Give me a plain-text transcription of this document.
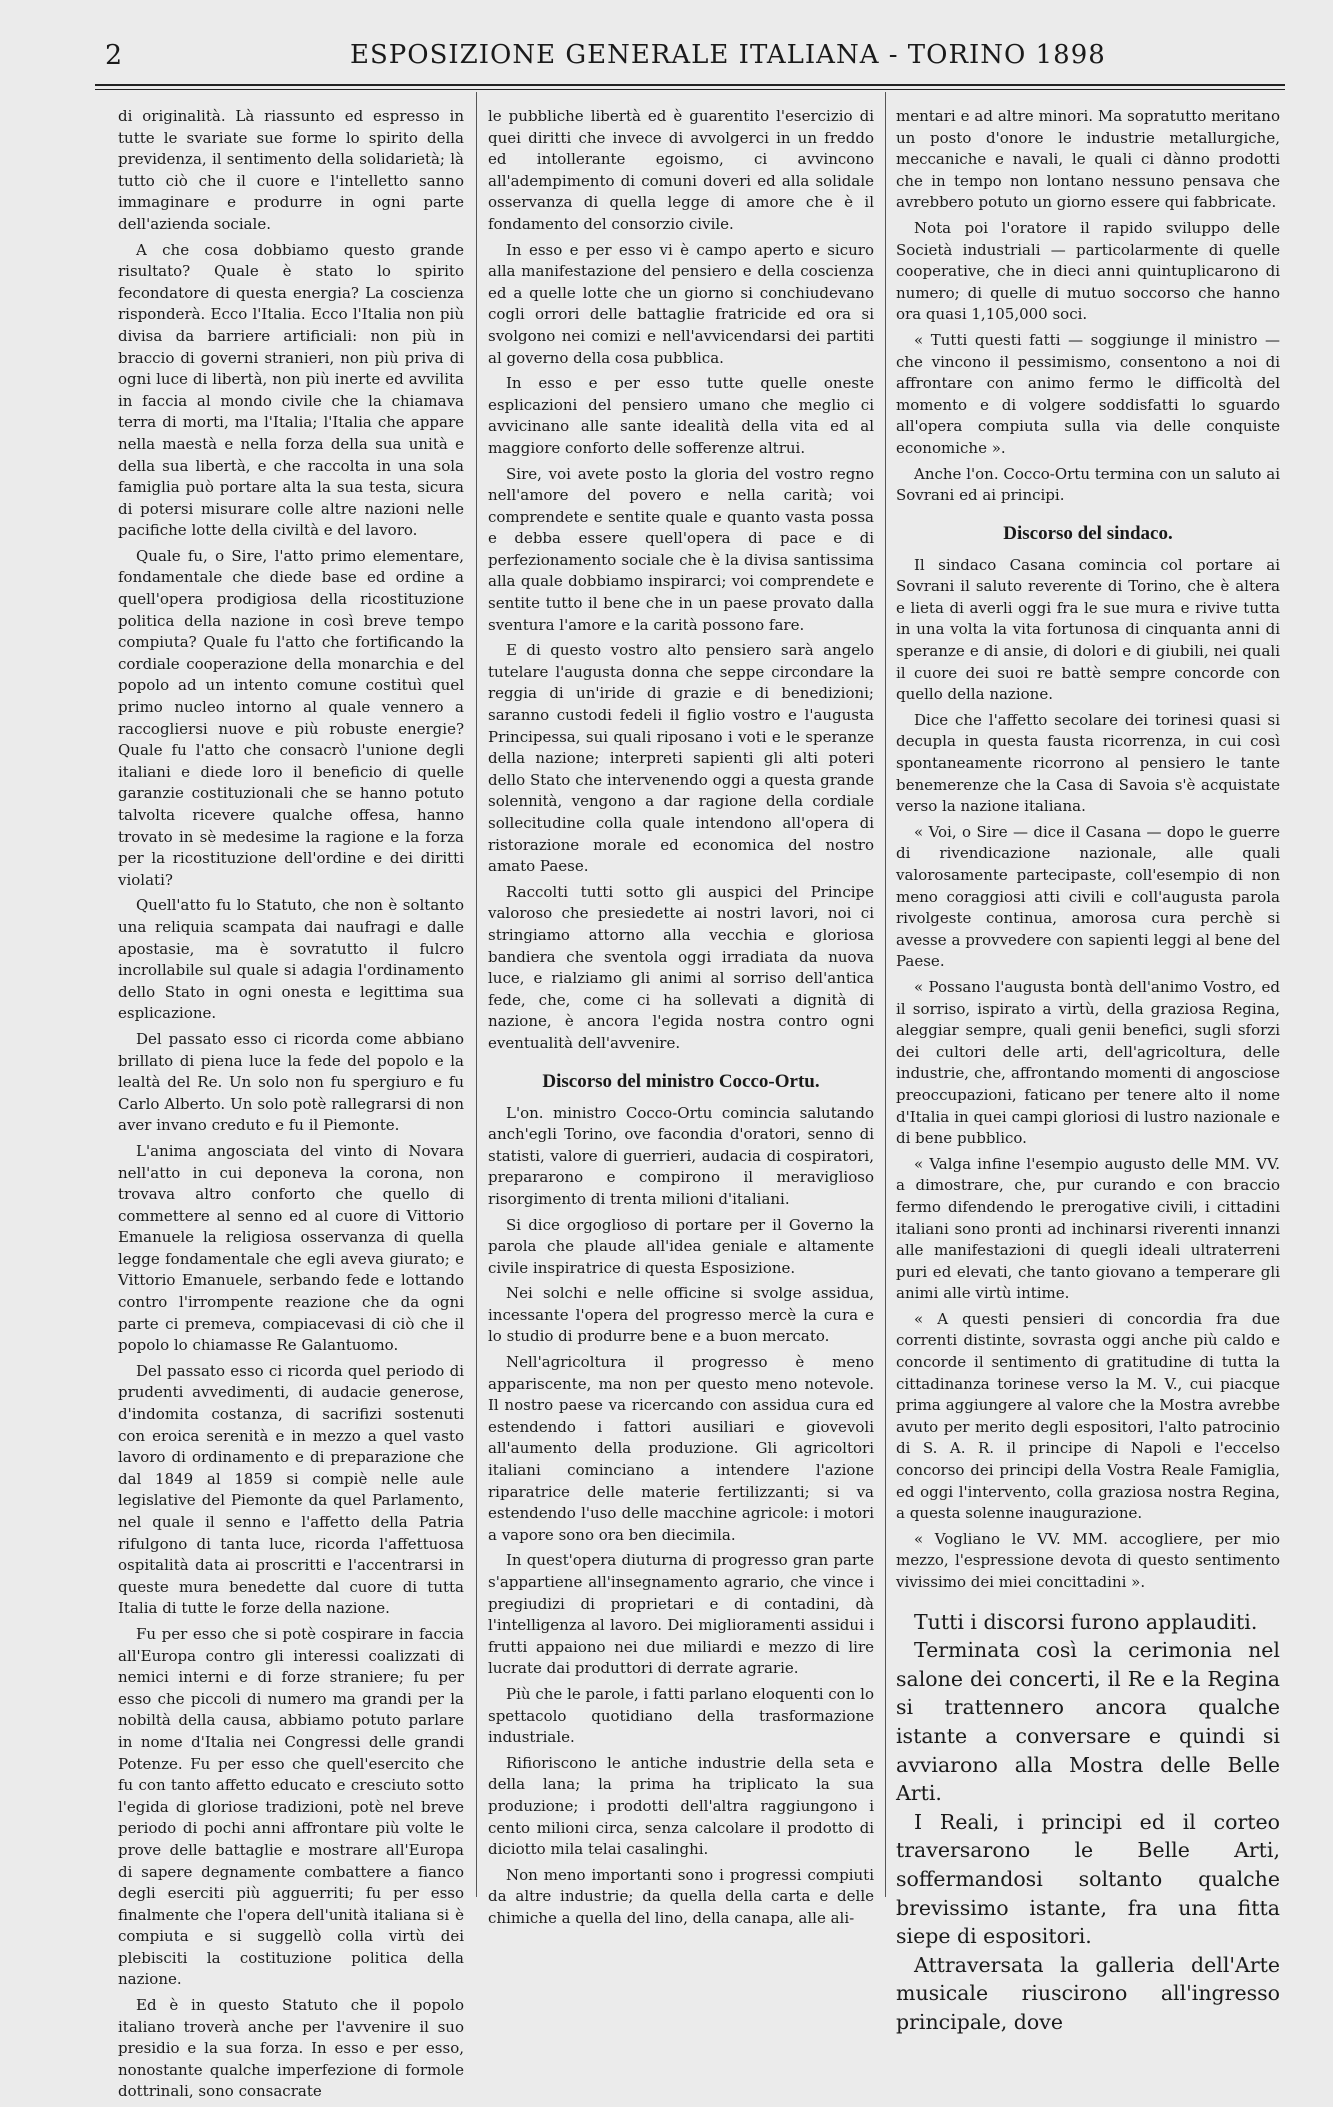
2	ESPOSIZIONE GENERALE ITALIANA - TORINO 1898

di originalità. Là riassunto ed espresso in tutte le svariate sue forme lo spirito della previdenza, il sentimento della solidarietà; là tutto ciò che il cuore e l'intelletto sanno immaginare e produrre in ogni parte dell'azienda sociale.

A che cosa dobbiamo questo grande risultato? Quale è stato lo spirito fecondatore di questa energia? La coscienza risponderà. Ecco l'Italia. Ecco l'Italia non più divisa da barriere artificiali: non più in braccio di governi stranieri, non più priva di ogni luce di libertà, non più inerte ed avvilita in faccia al mondo civile che la chiamava terra di morti, ma l'Italia; l'Italia che appare nella maestà e nella forza della sua unità e della sua libertà, e che raccolta in una sola famiglia può portare alta la sua testa, sicura di potersi misurare colle altre nazioni nelle pacifiche lotte della civiltà e del lavoro.

Quale fu, o Sire, l'atto primo elementare, fondamentale che diede base ed ordine a quell'opera prodigiosa della ricostituzione politica della nazione in così breve tempo compiuta? Quale fu l'atto che fortificando la cordiale cooperazione della monarchia e del popolo ad un intento comune costituì quel primo nucleo intorno al quale vennero a raccogliersi nuove e più robuste energie? Quale fu l'atto che consacrò l'unione degli italiani e diede loro il beneficio di quelle garanzie costituzionali che se hanno potuto talvolta ricevere qualche offesa, hanno trovato in sè medesime la ragione e la forza per la ricostituzione dell'ordine e dei diritti violati?

Quell'atto fu lo Statuto, che non è soltanto una reliquia scampata dai naufragi e dalle apostasie, ma è sovratutto il fulcro incrollabile sul quale si adagia l'ordinamento dello Stato in ogni onesta e legittima sua esplicazione.

Del passato esso ci ricorda come abbiano brillato di piena luce la fede del popolo e la lealtà del Re. Un solo non fu spergiuro e fu Carlo Alberto. Un solo potè rallegrarsi di non aver invano creduto e fu il Piemonte.

L'anima angosciata del vinto di Novara nell'atto in cui deponeva la corona, non trovava altro conforto che quello di commettere al senno ed al cuore di Vittorio Emanuele la religiosa osservanza di quella legge fondamentale che egli aveva giurato; e Vittorio Emanuele, serbando fede e lottando contro l'irrompente reazione che da ogni parte ci premeva, compiacevasi di ciò che il popolo lo chiamasse Re Galantuomo.

Del passato esso ci ricorda quel periodo di prudenti avvedimenti, di audacie generose, d'indomita costanza, di sacrifizi sostenuti con eroica serenità e in mezzo a quel vasto lavoro di ordinamento e di preparazione che dal 1849 al 1859 si compiè nelle aule legislative del Piemonte da quel Parlamento, nel quale il senno e l'affetto della Patria rifulgono di tanta luce, ricorda l'affettuosa ospitalità data ai proscritti e l'accentrarsi in queste mura benedette dal cuore di tutta Italia di tutte le forze della nazione.

Fu per esso che si potè cospirare in faccia all'Europa contro gli interessi coalizzati di nemici interni e di forze straniere; fu per esso che piccoli di numero ma grandi per la nobiltà della causa, abbiamo potuto parlare in nome d'Italia nei Congressi delle grandi Potenze. Fu per esso che quell'esercito che fu con tanto affetto educato e cresciuto sotto l'egida di gloriose tradizioni, potè nel breve periodo di pochi anni affrontare più volte le prove delle battaglie e mostrare all'Europa di sapere degnamente combattere a fianco degli eserciti più agguerriti; fu per esso finalmente che l'opera dell'unità italiana si è compiuta e si suggellò colla virtù dei plebisciti la costituzione politica della nazione.

Ed è in questo Statuto che il popolo italiano troverà anche per l'avvenire il suo presidio e la sua forza. In esso e per esso, nonostante qualche imperfezione di formole dottrinali, sono consacrate

le pubbliche libertà ed è guarentito l'esercizio di quei diritti che invece di avvolgerci in un freddo ed intollerante egoismo, ci avvincono all'adempimento di comuni doveri ed alla solidale osservanza di quella legge di amore che è il fondamento del consorzio civile.

In esso e per esso vi è campo aperto e sicuro alla manifestazione del pensiero e della coscienza ed a quelle lotte che un giorno si conchiudevano cogli orrori delle battaglie fratricide ed ora si svolgono nei comizi e nell'avvicendarsi dei partiti al governo della cosa pubblica.

In esso e per esso tutte quelle oneste esplicazioni del pensiero umano che meglio ci avvicinano alle sante idealità della vita ed al maggiore conforto delle sofferenze altrui.

Sire, voi avete posto la gloria del vostro regno nell'amore del povero e nella carità; voi comprendete e sentite quale e quanto vasta possa e debba essere quell'opera di pace e di perfezionamento sociale che è la divisa santissima alla quale dobbiamo inspirarci; voi comprendete e sentite tutto il bene che in un paese provato dalla sventura l'amore e la carità possono fare.

E di questo vostro alto pensiero sarà angelo tutelare l'augusta donna che seppe circondare la reggia di un'iride di grazie e di benedizioni; saranno custodi fedeli il figlio vostro e l'augusta Principessa, sui quali riposano i voti e le speranze della nazione; interpreti sapienti gli alti poteri dello Stato che intervenendo oggi a questa grande solennità, vengono a dar ragione della cordiale sollecitudine colla quale intendono all'opera di ristorazione morale ed economica del nostro amato Paese.

Raccolti tutti sotto gli auspici del Principe valoroso che presiedette ai nostri lavori, noi ci stringiamo attorno alla vecchia e gloriosa bandiera che sventola oggi irradiata da nuova luce, e rialziamo gli animi al sorriso dell'antica fede, che, come ci ha sollevati a dignità di nazione, è ancora l'egida nostra contro ogni eventualità dell'avvenire.

Discorso del ministro Cocco-Ortu.

L'on. ministro Cocco-Ortu comincia salutando anch'egli Torino, ove facondia d'oratori, senno di statisti, valore di guerrieri, audacia di cospiratori, prepararono e compirono il meraviglioso risorgimento di trenta milioni d'italiani.

Si dice orgoglioso di portare per il Governo la parola che plaude all'idea geniale e altamente civile inspiratrice di questa Esposizione.

Nei solchi e nelle officine si svolge assidua, incessante l'opera del progresso mercè la cura e lo studio di produrre bene e a buon mercato.

Nell'agricoltura il progresso è meno appariscente, ma non per questo meno notevole. Il nostro paese va ricercando con assidua cura ed estendendo i fattori ausiliari e giovevoli all'aumento della produzione. Gli agricoltori italiani cominciano a intendere l'azione riparatrice delle materie fertilizzanti; si va estendendo l'uso delle macchine agricole: i motori a vapore sono ora ben diecimila.

In quest'opera diuturna di progresso gran parte s'appartiene all'insegnamento agrario, che vince i pregiudizi di proprietari e di contadini, dà l'intelligenza al lavoro. Dei miglioramenti assidui i frutti appaiono nei due miliardi e mezzo di lire lucrate dai produttori di derrate agrarie.

Più che le parole, i fatti parlano eloquenti con lo spettacolo quotidiano della trasformazione industriale.

Rifioriscono le antiche industrie della seta e della lana; la prima ha triplicato la sua produzione; i prodotti dell'altra raggiungono i cento milioni circa, senza calcolare il prodotto di diciotto mila telai casalinghi.

Non meno importanti sono i progressi compiuti da altre industrie; da quella della carta e delle chimiche a quella del lino, della canapa, alle ali-

mentari e ad altre minori. Ma sopratutto meritano un posto d'onore le industrie metallurgiche, meccaniche e navali, le quali ci dànno prodotti che in tempo non lontano nessuno pensava che avrebbero potuto un giorno essere qui fabbricate.

Nota poi l'oratore il rapido sviluppo delle Società industriali — particolarmente di quelle cooperative, che in dieci anni quintuplicarono di numero; di quelle di mutuo soccorso che hanno ora quasi 1,105,000 soci.

« Tutti questi fatti — soggiunge il ministro — che vincono il pessimismo, consentono a noi di affrontare con animo fermo le difficoltà del momento e di volgere soddisfatti lo sguardo all'opera compiuta sulla via delle conquiste economiche ».

Anche l'on. Cocco-Ortu termina con un saluto ai Sovrani ed ai principi.

Discorso del sindaco.

Il sindaco Casana comincia col portare ai Sovrani il saluto reverente di Torino, che è altera e lieta di averli oggi fra le sue mura e rivive tutta in una volta la vita fortunosa di cinquanta anni di speranze e di ansie, di dolori e di giubili, nei quali il cuore dei suoi re battè sempre concorde con quello della nazione.

Dice che l'affetto secolare dei torinesi quasi si decupla in questa fausta ricorrenza, in cui così spontaneamente ricorrono al pensiero le tante benemerenze che la Casa di Savoia s'è acquistate verso la nazione italiana.

« Voi, o Sire — dice il Casana — dopo le guerre di rivendicazione nazionale, alle quali valorosamente partecipaste, coll'esempio di non meno coraggiosi atti civili e coll'augusta parola rivolgeste continua, amorosa cura perchè si avesse a provvedere con sapienti leggi al bene del Paese.

« Possano l'augusta bontà dell'animo Vostro, ed il sorriso, ispirato a virtù, della graziosa Regina, aleggiar sempre, quali genii benefici, sugli sforzi dei cultori delle arti, dell'agricoltura, delle industrie, che, affrontando momenti di angosciose preoccupazioni, faticano per tenere alto il nome d'Italia in quei campi gloriosi di lustro nazionale e di bene pubblico.

« Valga infine l'esempio augusto delle MM. VV. a dimostrare, che, pur curando e con braccio fermo difendendo le prerogative civili, i cittadini italiani sono pronti ad inchinarsi riverenti innanzi alle manifestazioni di quegli ideali ultraterreni puri ed elevati, che tanto giovano a temperare gli animi alle virtù intime.

« A questi pensieri di concordia fra due correnti distinte, sovrasta oggi anche più caldo e concorde il sentimento di gratitudine di tutta la cittadinanza torinese verso la M. V., cui piacque prima aggiungere al valore che la Mostra avrebbe avuto per merito degli espositori, l'alto patrocinio di S. A. R. il principe di Napoli e l'eccelso concorso dei principi della Vostra Reale Famiglia, ed oggi l'intervento, colla graziosa nostra Regina, a questa solenne inaugurazione.

« Vogliano le VV. MM. accogliere, per mio mezzo, l'espressione devota di questo sentimento vivissimo dei miei concittadini ».

Tutti i discorsi furono applauditi.

Terminata così la cerimonia nel salone dei concerti, il Re e la Regina si trattennero ancora qualche istante a conversare e quindi si avviarono alla Mostra delle Belle Arti.

I Reali, i principi ed il corteo traversarono le Belle Arti, soffermandosi soltanto qualche brevissimo istante, fra una fitta siepe di espositori.

Attraversata la galleria dell'Arte musicale riuscirono all'ingresso principale, dove
